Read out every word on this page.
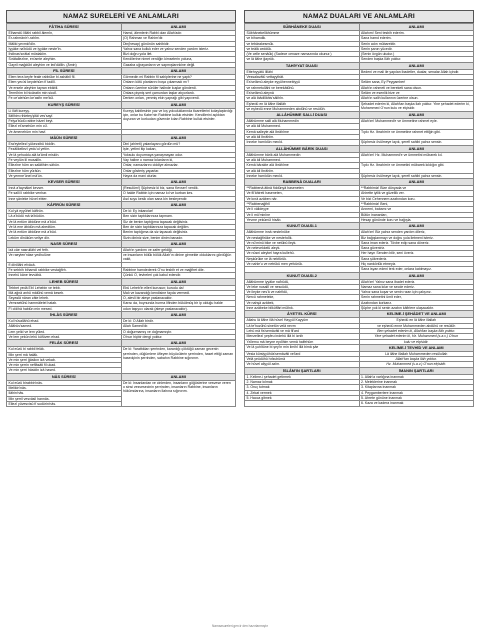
NAMAZ SURELERİ VE ANLAMLARI
FÂTİHA SÛRESİ	ANLAMI
Elhamdü lillâhi rabbil âlemîn,	Hamd, âlemlerin Rabbi olan Allah'adır.
Er-rahmânir'r-rahîm.	(O) Rahman ve Rahim'dir.
Mâliki yevmid'dîn.	Din(hesap) gününün sahibidir.
İyyâke na'büdü ve iyyâke neste'în.	Yalnız sana kulluk eder ve yalnız senden yardım isteriz.
İhdinas'sırâtal müstakîm.	Bizi doğru yola ilet.
Sırâtallezîne, en'amte aleyhim.	Kendilerine nimet verdiğin kimselerin yoluna,
Gayril mağdûbi aleyhim ve led'dâllîn. (Âmin)	Gazaba uğrayanların ve sapmışlarınkine değil.
FİL SÛRESİ	ANLAMI
Elem tera keyfe feale rabbüke bi ashâbil fîl.	Görmedin mi Rabbin fil sahiplerine ne yaptı?
Elem yec'al keydehüm fî tadlîl.	Onların kötü planlarını boşa çıkarmadı mı?
Ve ersele aleyhim tayran ebâbîl.	Onların üzerine sürüler halinde kuşlar gönderdi.
Termîhim bi hicâratin min siccîl.	Onlara pişmiş sert çamurdan taşlar atıyorlardı.
Fe ce'alehüm ke'asfin me'kûl.	Derken onları, yenmiş ekin yaprağı gibi yapıverdi.
KUREYŞ SÛRESİ	ANLAMI
Li îlâfi kureyş.	Kureyş kabilesinin yaz ve kış yolculuklarında ticaretlerini kolaylaştırdığı için, onlar bu Kabe'nin Rabbine kulluk etsinler. Kendilerini açlıktan doyuran ve korkudan güvende kılan Rabbine kulluk etsinler.
İlâfihim rihleteş'şitâi ves'sayf.	
Felya'büdû rabbe hâzel beyt.	
Ellezî et'amehüm min cû'.	
Ve âmenehüm min havf.	
MÂÛN SÛRESİ	ANLAMI
Era'eytellezî yükezzibü biddîn.	Dini (ahireti) yalanlayanı gördün mü?
Fezâlikellezî yedu'ul yetîm.	İşte, yetimi itip kakan,
Ve lâ yehuddu alâ ta'âmil miskîn.	Yoksulu doyurmaya yanaşmayan odur.
Fe veylün lil musallîn.	Vay haline o namaz kılanların ki,
Ellezîne hüm an salâtihim sâhûn.	Onlar, namazlarını ciddiye almazlar.
Ellezîne hüm yürâûn.	Onlar gösteriş yaparlar.
Ve yemne'ûnel mâ'ûn.	Hayra da mani olurlar.
KEVSER SÛRESİ	ANLAMI
İnnâ a'taynâkel kevser.	(Resulüm!) Şüphesiz ki biz, sana Kevser'i verdik.
Fe salli li rabbike venhar.	O halde Rabbin için namaz kıl ve kurban kes.
İnne şânieke hüvel ebter.	Asıl soyu kesik olan sana kin besleyendir.
KÂFİRÛN SÛRESİ	ANLAMI
Kul yâ eyyühel kâfirûn.	De ki: Ey inkarcılar!
Lâ a'büdü mâ ta'büdûn.	Ben sizin taptıklarınıza tapmam.
Ve lâ entüm âbidûne mâ a'büd.	Siz de benim taptığıma tapacak değilsiniz.
Ve lâ ene âbidün mâ abedtüm.	Ben de sizin taptıklarınıza tapacak değilim.
Ve lâ entüm âbidûne mâ a'büd.	Benim taptığıma da siz tapacak değilsiniz.
Leküm dînüküm veliye dîn.	Sizin dininiz size, benim dinim banadır.
NASR SÛRESİ	ANLAMI
İzâ câe nasrullâhi vel feth.	Allah'ın yardımı ve zafer geldiği,
Ve raeyten'nâse yedhulûne	ve insanların bölük bölük Allah'ın dinine girmekte olduklarını gördüğün vakit,
fî dînillâhi efvâcâ.	
Fe sebbih bihamdi rabbike vestağfirh.	Rabbine hamdederek O'nu tesbih et ve mağfiret dile.
İnnehû kâne tevvâbâ.	Çünkü O, tevbeleri çok kabul edendir.
LEHEB SÛRESİ	ANLAMI
Tebbet yedâ Ebî Lehebin ve tebb.	Ebû Leheb'in elleri kurusun; kurudu da!
Mâ ağnâ anhü mâlühû vemâ keseb.	Malı ve kazandığı kendisine fayda vermedi.
Seyaslâ nâran zâte leheb.	O, alevli bir ateşe yaslanacaktır.
Vemraetühû hammâletel hatab.	Karısı da, boynunda hurma lifinden bükülmüş bir ip olduğu halde
Fî cîdihâ hablün min mesed.	odun taşıyıcı olarak (ateşe yaslanacaktır).
İHLÂS SÛRESİ	ANLAMI
Kul hüvallâhü ehad.	De ki: O Allah birdir.
Allâhüs'samed.	Allah Samed'dir.
Lem yelid ve lem yûled.	O doğurmamış ve doğmamıştır.
Ve lem yekün lehû küfüven ehad.	O'nun hiçbir dengi yoktur.
FELÂK SÛRESİ	ANLAMI
Kul eûzü bi rabbil felâk.	De ki: Yarattıkları şerrinden, karanlığı çöktüğü zaman gecenin şerrinden, düğümlere üfleyen büyücülerin şerrinden, haset ettiği zaman hasedçinin şerrinden, sabahın Rabbine sığınırım.
Min şerri mâ halâk.	
Ve min şerri ğâsikın izâ vekab.	
Ve min şerrin neffâsâti fil ukad.	
Ve min şerri hâsidin izâ hased.	
NÂS SÛRESİ	ANLAMI
Kul eûzü birabbin'nâs.	De ki: İnsanlardan ve cinlerden, insanların göğüslerine vesvese veren o sinsi vesvesecinin şerrinden, insanların Rabbine, insanların hükümdarına, insanların İlahına sığınırım.
Melikin'nâs.	
İlâhin'nâs.	
Min şerril vesvâsil hannâs.	
Ellezî yüvesvisü fî sudûrin'nâs.	
NAMAZ DUALARI VE ANLAMLARI
SÜBHÂNEKE DUASI	ANLAMI
Sübhânekellâhümme	Allahım! Seni tesbih ederim.
ve bihamdik.	Sana hamd ederim.
ve tebârakesmük.	Senin adın mübarektir.
ve teâlâ ceddük.	Senin şanın yücedir.
(Ve celle senâük) (Sadece cenaze namazında okunur.)	(Senin övgün uludur.)
ve lâ ilâhe ğayrük.	Senden başka İlâh yoktur.
TAHİYYAT DUASI	ANLAMI
Ettehıyyâtü lillâhi	Bedeni ve mali ile yapılan ibadetler, dualar, senalar Allah içindir.
Vessalavâtü vettayyibât.	
Es'selâmü aleyke eyyühennebiyyü	Selâm sana, Ey Peygamber!
ve rahmetullâhi ve berekâtühü.	Allah'ın rahmeti ve bereketi sana olsun.
Es'selâmü aleynâ	Selâm ve esenlik bize ve
ve alâ ibâdillâhis'sâlihîn.	Allah'ın salih kullarının üzerine olsun.
Eşhedü en lâ ilâhe illallâh	Şehadet ederim ki, Allah'tan başka ilah yoktur. Yine şehadet ederim ki, Muhammed O'nun kulu ve elçisidir.
ve eşhedü enne Muhammeden abdühû ve resûlüh.	
ALLÂHÜMME SALLİ DUASI	ANLAMI
Allâhümme salli alâ Muhammedin	Allah'ım! Muhammed'e ve ümmetine rahmet eyle.
ve alâ âli Muhammed.	
Kemâ salleyte alâ İbrâhîme	Tıpkı Hz. İbrahim'e ve ümmetine rahmet ettiğin gibi.
ve alâ âli İbrâhîm.	
İnneke hamîdün mecîd.	Şüphesiz övülmeye layık, şerefi sahibi yalnız sensin.
ALLÂHÜMME BÂRİK DUASI	ANLAMI
Allâhümme bârik alâ Muhammedin	Allah'ım! Hz. Muhammed'e ve ümmetini mübarek kıl.
ve alâ âli Muhammed.	
Kemâ bârakte alâ İbrâhîme	Tıpkı Hz. İbrahim'e ve ümmetini mübarek kıldığın gibi.
ve alâ âli İbrâhîm.	
İnneke hamîdün mecîd.	Şüphesiz övülmeye layık, şerefi sahibi yalnız sensin.
RABBENÂ DUALARI	ANLAMI
**Rabbenâ âtinâ fiddünyâ haseneten	**Rabbimiz! Bize dünyada ve
Ve fil'âhireti haseneten,	Ahirette iyilik ve güzellik ver.
Ve kınâ azâben nâr.	Ve bizi Cehennem azabından koru.
**Rabbenağfirlî	**Rabbimiz! Beni,
Ve li vâlideyye	Annemi, babamı ve
Ve li mü'minîne	Bütün inananları,
Yevme yekûmül hisâb.	Hesap gününde koru ve bağışla.
KUNUT DUASI-1	ANLAMI
Allâhümme innâ nesteînüke	Allah'ım! Biz yalnız senden yardım dileriz,
Ve nestağfirüke ve nestehdîk.	Biz bağışlanmayı ve doğru yola iletmeni isteriz.
Ve nü'minü bike ve netûbü ileyk.	Sana iman ederiz. Tövbe edip sana döneriz.
Ve netevekkelü aleyk.	Sana güveniriz.
Ve nüsni aleykel hayra kullehü.	Her hayrı Senden bilir, seni överiz.
Neşkürüke ve lâ nekfürük.	Sana şükrederiz.
Ve nahle'u ve netrükü men yefcürük.	Hiç nankörlük etmeyiz.
	Sana isyan edeni terk eder, onlara katılmayız.
KUNUT DUASI-2	ANLAMI
Allâhümme iyyâke na'büdü,	Allah'ım! Yalnız sana ibadet ederiz.
Ve leke nusallî ve nescüdü,	Namaz sana kılar ve secde ederiz.
Ve ileyke nes'â ve nahfidü,	Yalnız sana koşar ve senin rızan için çalışırız.
Nercû rahmeteke,	Senin rahmetini ümit eder,
Ve nahşâ azâbek,	Azabından korkarız.
İnne azâbeke bilküffâri mülhık.	Şüphe yok ki senin azabın kâfirlere ulaşacaktır.
ÂYET'EL KÜRSİ	KELİME-İ ŞEHÂDET VE ANLAMI
Allahu lâ ilâhe illâ hüvel Hayyül Kayyûm	Eşhedü en lâ ilâhe illallah
Lâ te'huzühû sinetün velâ nevm	ve eşhedü enne Muhammeden abdühû ve resûlüh
Lehû mâ fis'semâvâti ve mâ fil'ard	Ben şehadet ederim ki, Allah'tan başka ilâh yoktur.
Menzellezî yeşfeu indehû illâ bi iznih	Yine şehadet ederim ki, Hz. Muhammed (s.a.v.) O'nun
Ya'lemu mâ beyne eydîhim vemâ halfehüm	kulu ve elçisidir.
Ve lâ yuhîtûne bi şey'in min ilmihî illâ bimâ şâe	KELİME-İ TEVHİD VE ANLAMI
Vesia kürsiyyühüs'semâvâti vel'ard	Lâ ilâhe illallah Muhammeden resûlullah
Velâ yeûdühû hıfzuhümâ	Allah'tan başka ilâh yoktur.
Ve hüvel aliyyül azîm.	Hz. Muhammed (s.a.v.) O'nun elçisidir.
İSLÂM'IN ŞARTLARI	İMANIN ŞARTLARI
1. Kelime-i şehadet getirmek	1. Allah'a varlığına inanmak
2. Namaz kılmak	2. Meleklerine inanmak
3. Oruç tutmak	3. Kitaplarına inanmak
4. Zekat vermek	4. Peygamberlere inanmak
5. Hacca gitmek	5. Ahrete gününe inanmak
	6. Kaza ve kadera inanmak
Namazsureleri.gen.tr den hazırlanmıştır
